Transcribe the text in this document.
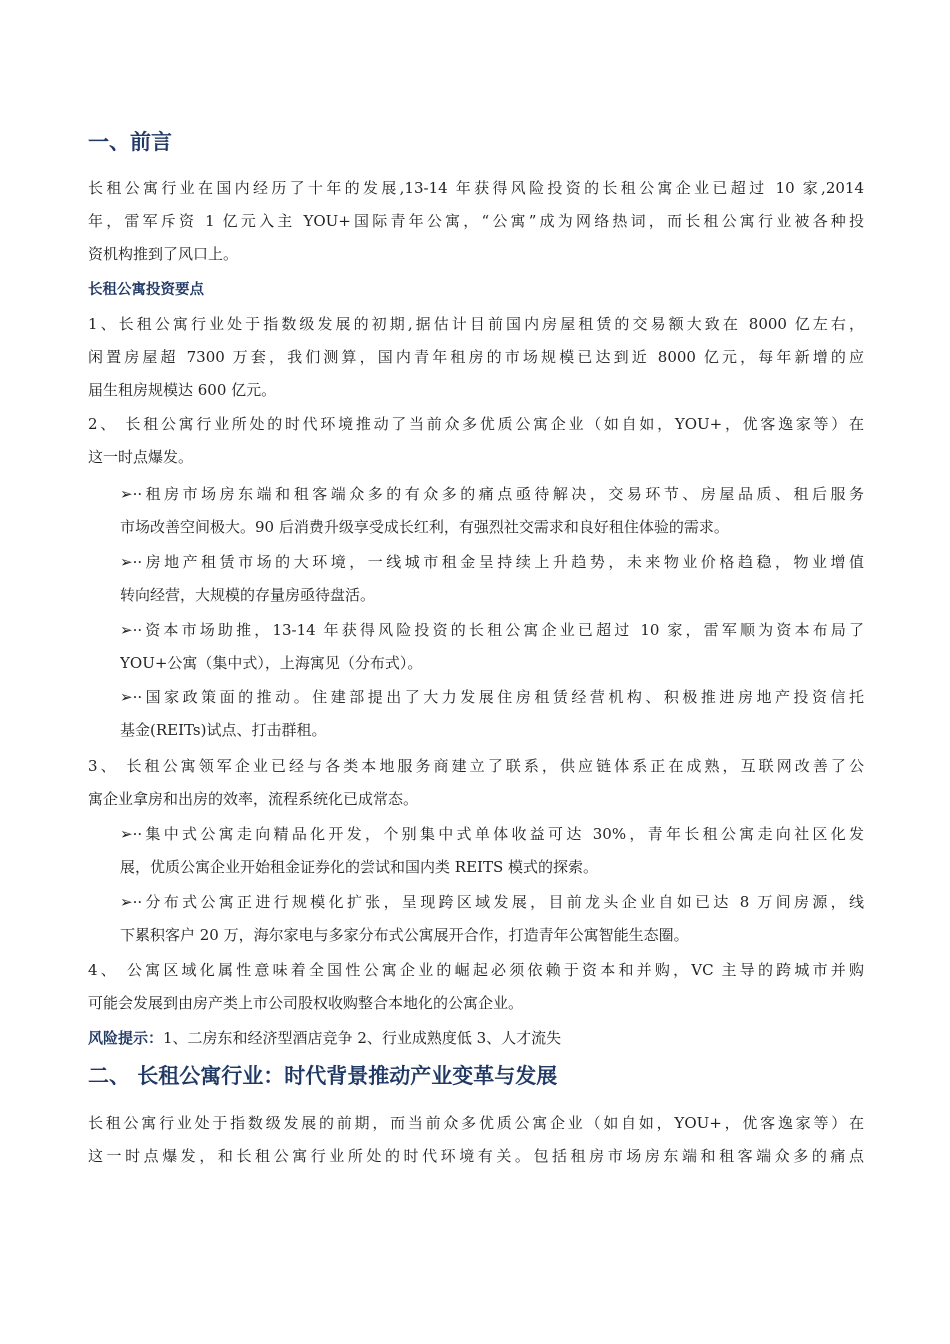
一、前言
长租公寓行业在国内经历了十年的发展,13-14 年获得风险投资的长租公寓企业已超过 10 家,2014
年，雷军斥资 1 亿元入主 YOU+国际青年公寓，“公寓”成为网络热词，而长租公寓行业被各种投
资机构推到了风口上。
长租公寓投资要点
1、长租公寓行业处于指数级发展的初期,据估计目前国内房屋租赁的交易额大致在 8000 亿左右，
闲置房屋超 7300 万套，我们测算，国内青年租房的市场规模已达到近 8000 亿元，每年新增的应
届生租房规模达 600 亿元。
2、 长租公寓行业所处的时代环境推动了当前众多优质公寓企业（如自如，YOU+，优客逸家等）在
这一时点爆发。
➢··租房市场房东端和租客端众多的有众多的痛点亟待解决，交易环节、房屋品质、租后服务
市场改善空间极大。90 后消费升级享受成长红利，有强烈社交需求和良好租住体验的需求。
➢··房地产租赁市场的大环境，一线城市租金呈持续上升趋势，未来物业价格趋稳，物业增值
转向经营，大规模的存量房亟待盘活。
➢··资本市场助推，13-14 年获得风险投资的长租公寓企业已超过 10 家，雷军顺为资本布局了
YOU+公寓（集中式），上海寓见（分布式）。
➢··国家政策面的推动。住建部提出了大力发展住房租赁经营机构、积极推进房地产投资信托
基金(REITs)试点、打击群租。
3、 长租公寓领军企业已经与各类本地服务商建立了联系，供应链体系正在成熟，互联网改善了公
寓企业拿房和出房的效率，流程系统化已成常态。
➢··集中式公寓走向精品化开发，个别集中式单体收益可达 30%，青年长租公寓走向社区化发
展，优质公寓企业开始租金证券化的尝试和国内类 REITS 模式的探索。
➢··分布式公寓正进行规模化扩张，呈现跨区域发展，目前龙头企业自如已达 8 万间房源，线
下累积客户 20 万，海尔家电与多家分布式公寓展开合作，打造青年公寓智能生态圈。
4、 公寓区域化属性意味着全国性公寓企业的崛起必须依赖于资本和并购，VC 主导的跨城市并购
可能会发展到由房产类上市公司股权收购整合本地化的公寓企业。
风险提示：1、二房东和经济型酒店竞争 2、行业成熟度低 3、人才流失
二、 长租公寓行业：时代背景推动产业变革与发展
长租公寓行业处于指数级发展的前期，而当前众多优质公寓企业（如自如，YOU+，优客逸家等）在
这一时点爆发，和长租公寓行业所处的时代环境有关。包括租房市场房东端和租客端众多的痛点
